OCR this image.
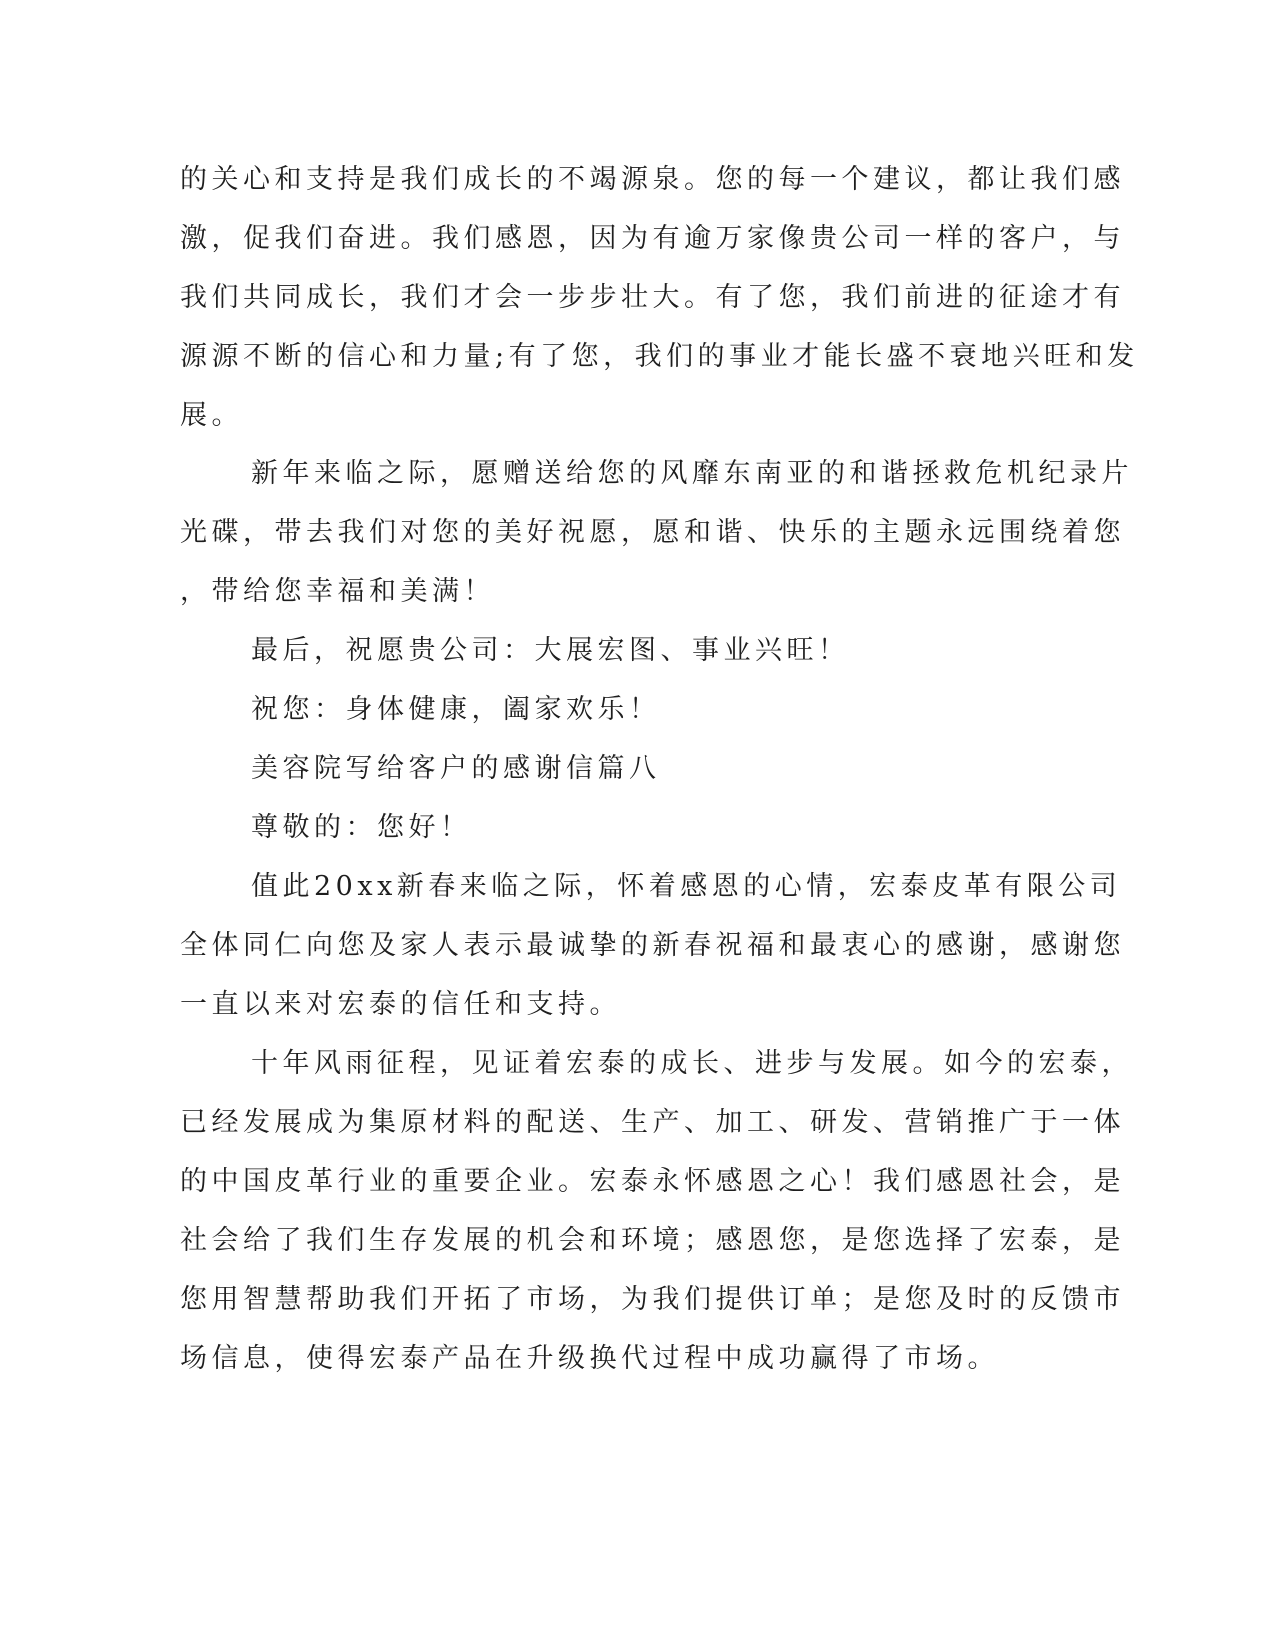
的关心和支持是我们成长的不竭源泉。您的每一个建议，都让我们感
激，促我们奋进。我们感恩，因为有逾万家像贵公司一样的客户，与
我们共同成长，我们才会一步步壮大。有了您，我们前进的征途才有
源源不断的信心和力量;有了您，我们的事业才能长盛不衰地兴旺和发
展。
新年来临之际，愿赠送给您的风靡东南亚的和谐拯救危机纪录片
光碟，带去我们对您的美好祝愿，愿和谐、快乐的主题永远围绕着您
，带给您幸福和美满！
最后，祝愿贵公司：大展宏图、事业兴旺！
祝您：身体健康，阖家欢乐！
美容院写给客户的感谢信篇八
尊敬的：您好！
值此20xx新春来临之际，怀着感恩的心情，宏泰皮革有限公司
全体同仁向您及家人表示最诚挚的新春祝福和最衷心的感谢，感谢您
一直以来对宏泰的信任和支持。
十年风雨征程，见证着宏泰的成长、进步与发展。如今的宏泰，
已经发展成为集原材料的配送、生产、加工、研发、营销推广于一体
的中国皮革行业的重要企业。宏泰永怀感恩之心！我们感恩社会，是
社会给了我们生存发展的机会和环境；感恩您，是您选择了宏泰，是
您用智慧帮助我们开拓了市场，为我们提供订单；是您及时的反馈市
场信息，使得宏泰产品在升级换代过程中成功赢得了市场。
